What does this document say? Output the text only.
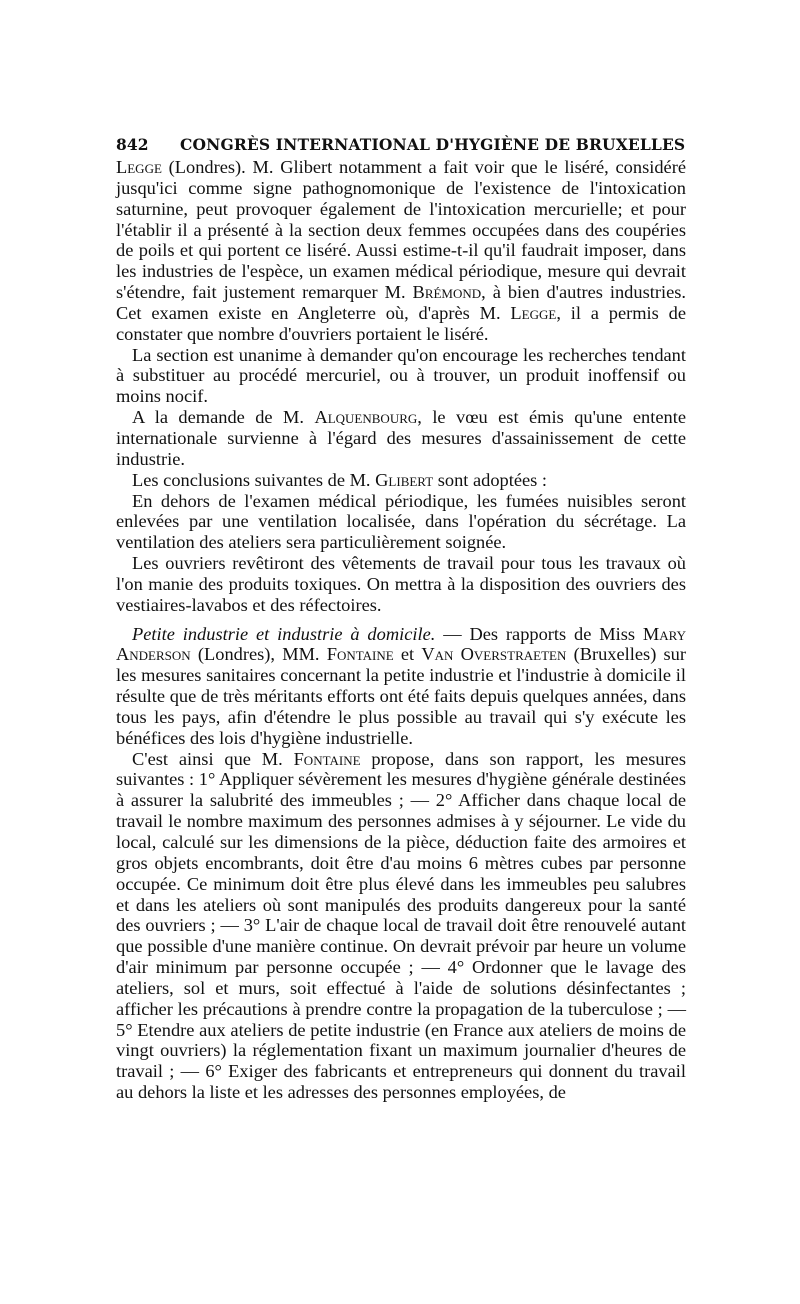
842	CONGRÈS INTERNATIONAL D'HYGIÈNE DE BRUXELLES

Legge (Londres). M. Glibert notamment a fait voir que le liséré, considéré jusqu'ici comme signe pathognomonique de l'existence de l'intoxication saturnine, peut provoquer également de l'intoxication mercurielle; et pour l'établir il a présenté à la section deux femmes occupées dans des coupéries de poils et qui portent ce liséré. Aussi estime-t-il qu'il faudrait imposer, dans les industries de l'espèce, un examen médical périodique, mesure qui devrait s'étendre, fait justement remarquer M. Brémond, à bien d'autres industries. Cet examen existe en Angleterre où, d'après M. Legge, il a permis de constater que nombre d'ouvriers portaient le liséré.

La section est unanime à demander qu'on encourage les recherches tendant à substituer au procédé mercuriel, ou à trouver, un produit inoffensif ou moins nocif.

A la demande de M. Alquenbourg, le vœu est émis qu'une entente internationale survienne à l'égard des mesures d'assainissement de cette industrie.

Les conclusions suivantes de M. Glibert sont adoptées :

En dehors de l'examen médical périodique, les fumées nuisibles seront enlevées par une ventilation localisée, dans l'opération du sécrétage. La ventilation des ateliers sera particulièrement soignée.

Les ouvriers revêtiront des vêtements de travail pour tous les travaux où l'on manie des produits toxiques. On mettra à la disposition des ouvriers des vestiaires-lavabos et des réfectoires.

Petite industrie et industrie à domicile. — Des rapports de Miss Mary Anderson (Londres), MM. Fontaine et Van Overstraeten (Bruxelles) sur les mesures sanitaires concernant la petite industrie et l'industrie à domicile il résulte que de très méritants efforts ont été faits depuis quelques années, dans tous les pays, afin d'étendre le plus possible au travail qui s'y exécute les bénéfices des lois d'hygiène industrielle.

C'est ainsi que M. Fontaine propose, dans son rapport, les mesures suivantes : 1° Appliquer sévèrement les mesures d'hygiène générale destinées à assurer la salubrité des immeubles ; — 2° Afficher dans chaque local de travail le nombre maximum des personnes admises à y séjourner. Le vide du local, calculé sur les dimensions de la pièce, déduction faite des armoires et gros objets encombrants, doit être d'au moins 6 mètres cubes par personne occupée. Ce minimum doit être plus élevé dans les immeubles peu salubres et dans les ateliers où sont manipulés des produits dangereux pour la santé des ouvriers ; — 3° L'air de chaque local de travail doit être renouvelé autant que possible d'une manière continue. On devrait prévoir par heure un volume d'air minimum par personne occupée ; — 4° Ordonner que le lavage des ateliers, sol et murs, soit effectué à l'aide de solutions désinfectantes ; afficher les précautions à prendre contre la propagation de la tuberculose ; — 5° Etendre aux ateliers de petite industrie (en France aux ateliers de moins de vingt ouvriers) la réglementation fixant un maximum journalier d'heures de travail ; — 6° Exiger des fabricants et entrepreneurs qui donnent du travail au dehors la liste et les adresses des personnes employées, de
